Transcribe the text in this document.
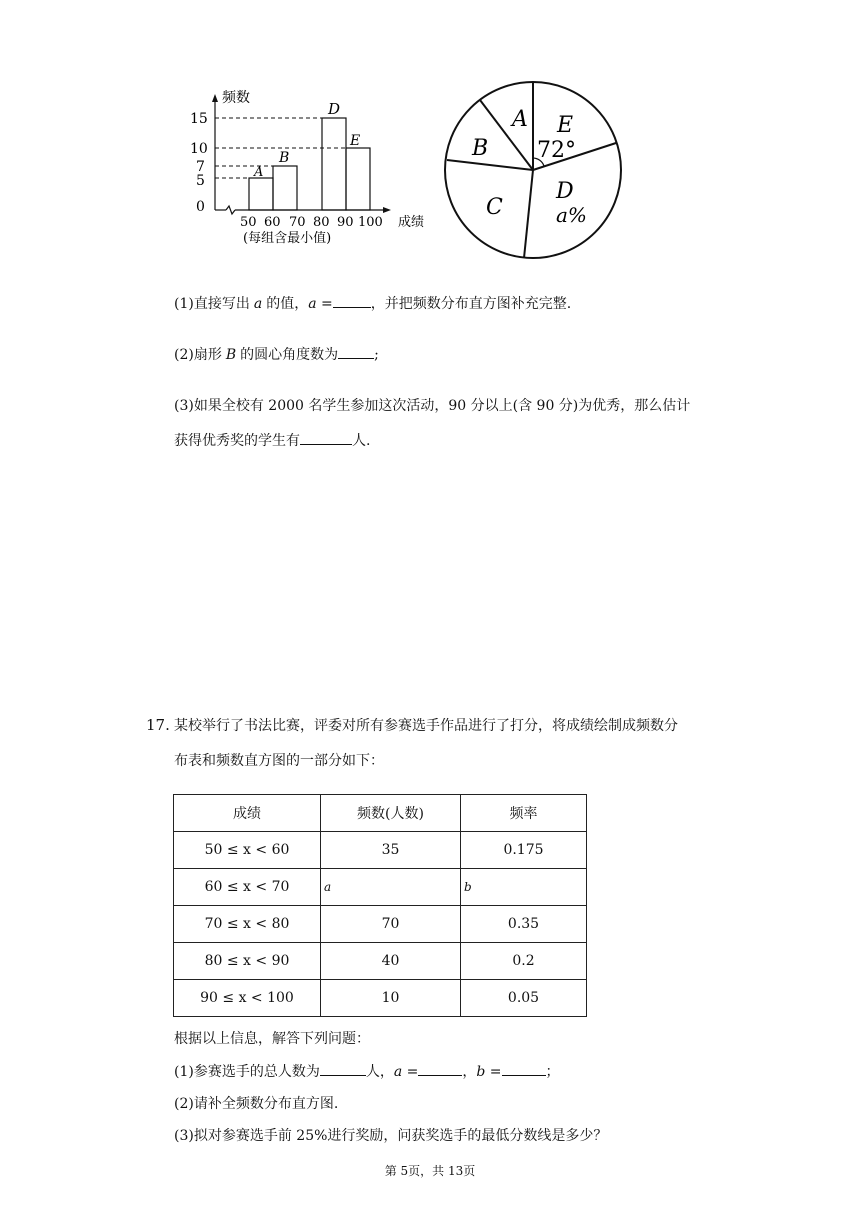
频数
15
10
7
5
0
A
B
D
E
50 60 70 80 90 100 成绩
(每组含最小值)
A
B
C
D
E
72°
a%
(1)直接写出 a 的值，a =	，并把频数分布直方图补充完整.
(2)扇形 B 的圆心角度数为	;
(3)如果全校有 2000 名学生参加这次活动，90 分以上(含 90 分)为优秀，那么估计
获得优秀奖的学生有	人.
17. 某校举行了书法比赛，评委对所有参赛选手作品进行了打分，将成绩绘制成频数分
布表和频数直方图的一部分如下：
成绩	频数(人数)	频率
50 ≤ x < 60	35	0.175
60 ≤ x < 70	a	b
70 ≤ x < 80	70	0.35
80 ≤ x < 90	40	0.2
90 ≤ x < 100	10	0.05
根据以上信息，解答下列问题：
(1)参赛选手的总人数为	人，a =	，b =	；
(2)请补全频数分布直方图.
(3)拟对参赛选手前 25%进行奖励，问获奖选手的最低分数线是多少？
第 5页，共 13页
